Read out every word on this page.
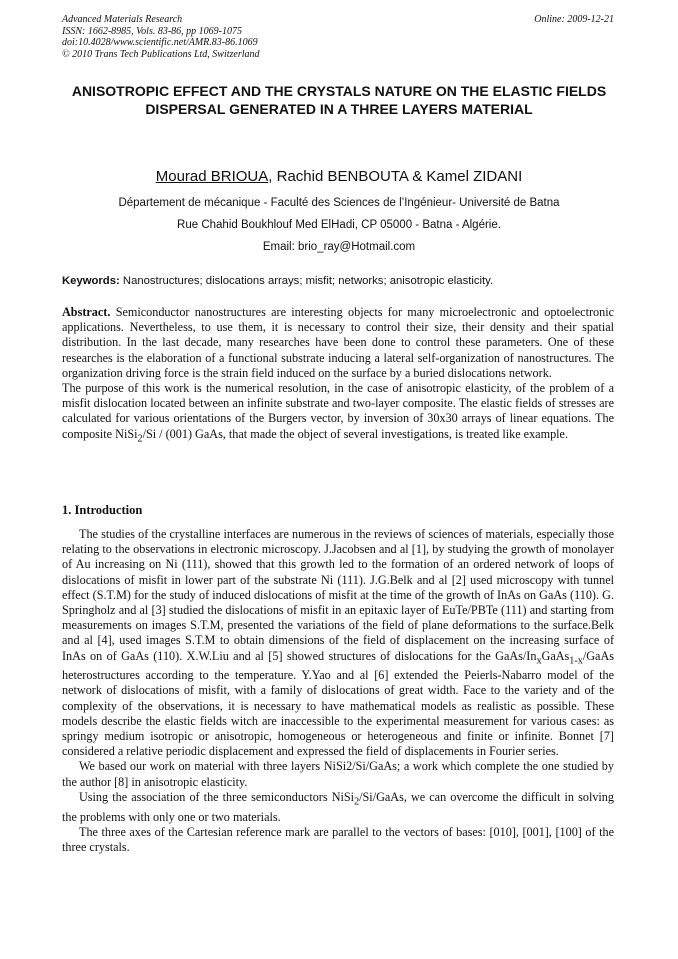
Advanced Materials Research
ISSN: 1662-8985, Vols. 83-86, pp 1069-1075
doi:10.4028/www.scientific.net/AMR.83-86.1069
© 2010 Trans Tech Publications Ltd, Switzerland
Online: 2009-12-21
ANISOTROPIC EFFECT AND THE CRYSTALS NATURE ON THE ELASTIC FIELDS DISPERSAL GENERATED IN A THREE LAYERS MATERIAL
Mourad BRIOUA, Rachid BENBOUTA & Kamel ZIDANI
Département de mécanique - Faculté des Sciences de l’Ingénieur- Université de Batna
Rue Chahid Boukhlouf Med ElHadi, CP 05000 - Batna - Algérie.
Email: brio_ray@Hotmail.com
Keywords: Nanostructures; dislocations arrays; misfit; networks; anisotropic elasticity.

Abstract. Semiconductor nanostructures are interesting objects for many microelectronic and optoelectronic applications. Nevertheless, to use them, it is necessary to control their size, their density and their spatial distribution. In the last decade, many researches have been done to control these parameters. One of these researches is the elaboration of a functional substrate inducing a lateral self-organization of nanostructures. The organization driving force is the strain field induced on the surface by a buried dislocations network.

The purpose of this work is the numerical resolution, in the case of anisotropic elasticity, of the problem of a misfit dislocation located between an infinite substrate and two-layer composite. The elastic fields of stresses are calculated for various orientations of the Burgers vector, by inversion of 30x30 arrays of linear equations. The composite NiSi$_2$/Si / (001) GaAs, that made the object of several investigations, is treated like example.

1. Introduction

The studies of the crystalline interfaces are numerous in the reviews of sciences of materials, especially those relating to the observations in electronic microscopy. J.Jacobsen and al [1], by studying the growth of monolayer of Au increasing on Ni (111), showed that this growth led to the formation of an ordered network of loops of dislocations of misfit in lower part of the substrate Ni (111). J.G.Belk and al [2] used microscopy with tunnel effect (S.T.M) for the study of induced dislocations of misfit at the time of the growth of InAs on GaAs (110). G. Springholz and al [3] studied the dislocations of misfit in an epitaxic layer of EuTe/PBTe (111) and starting from measurements on images S.T.M, presented the variations of the field of plane deformations to the surface.Belk and al [4], used images S.T.M to obtain dimensions of the field of displacement on the increasing surface of InAs on of GaAs (110). X.W.Liu and al [5] showed structures of dislocations for the GaAs/$In_xGaAs_{1-x}$/GaAs heterostructures according to the temperature. Y.Yao and al [6] extended the Peierls-Nabarro model of the network of dislocations of misfit, with a family of dislocations of great width. Face to the variety and of the complexity of the observations, it is necessary to have mathematical models as realistic as possible. These models describe the elastic fields witch are inaccessible to the experimental measurement for various cases: as springy medium isotropic or anisotropic, homogeneous or heterogeneous and finite or infinite. Bonnet [7] considered a relative periodic displacement and expressed the field of displacements in Fourier series.

We based our work on material with three layers NiSi2/Si/GaAs; a work which complete the one studied by the author [8] in anisotropic elasticity.

Using the association of the three semiconductors NiSi$_2$/Si/GaAs, we can overcome the difficult in solving the problems with only one or two materials.

The three axes of the Cartesian reference mark are parallel to the vectors of bases: [010], [001], [100] of the three crystals.
